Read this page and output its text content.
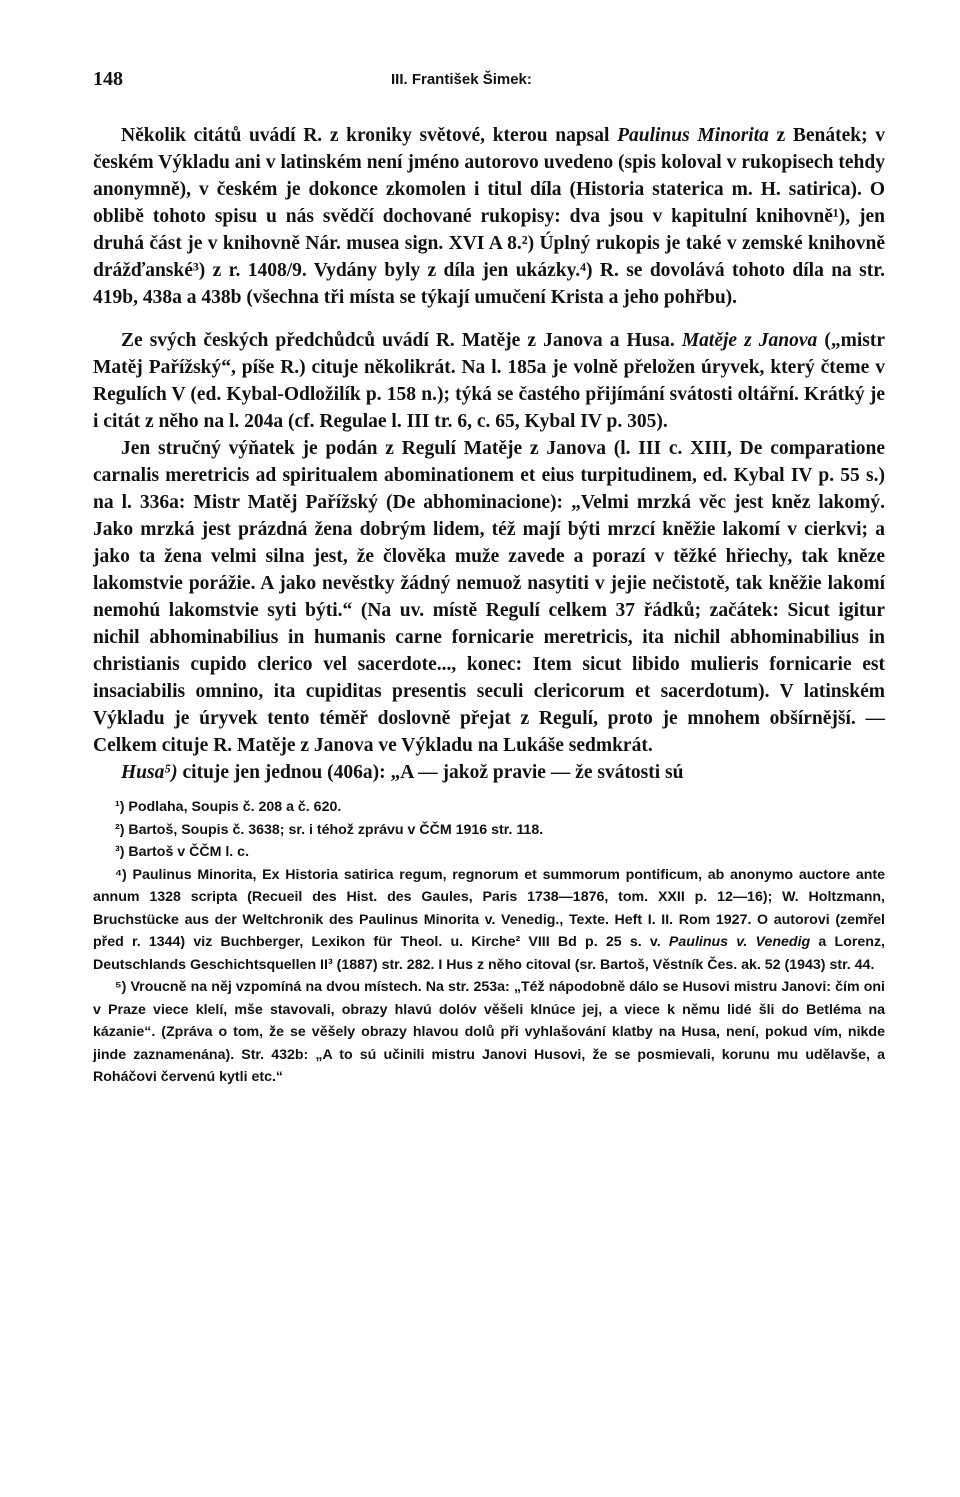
148	III. František Šimek:

Několik citátů uvádí R. z kroniky světové, kterou napsal Paulinus Minorita z Benátek; v českém Výkladu ani v latinském není jméno autorovo uvedeno (spis koloval v rukopisech tehdy anonymně), v českém je dokonce zkomolen i titul díla (Historia staterica m. H. satirica). O oblibě tohoto spisu u nás svědčí dochované rukopisy: dva jsou v kapitulní knihovně¹), jen druhá část je v knihovně Nár. musea sign. XVI A 8.²) Úplný rukopis je také v zemské knihovně drážďanské³) z r. 1408/9. Vydány byly z díla jen ukázky.⁴) R. se dovolává tohoto díla na str. 419b, 438a a 438b (všechna tři místa se týkají umučení Krista a jeho pohřbu).

Ze svých českých předchůdců uvádí R. Matěje z Janova a Husa. Matěje z Janova („mistr Matěj Pařížský“, píše R.) cituje několikrát. Na l. 185a je volně přeložen úryvek, který čteme v Regulích V (ed. Kybal-Odložilík p. 158 n.); týká se častého přijímání svátosti oltářní. Krátký je i citát z něho na l. 204a (cf. Regulae l. III tr. 6, c. 65, Kybal IV p. 305).

Jen stručný výňatek je podán z Regulí Matěje z Janova (l. III c. XIII, De comparatione carnalis meretricis ad spiritualem abominationem et eius turpitudinem, ed. Kybal IV p. 55 s.) na l. 336a: Mistr Matěj Pařížský (De abhominacione): „Velmi mrzká věc jest kněz lakomý. Jako mrzká jest prázdná žena dobrým lidem, též mají býti mrzcí kněžie lakomí v cierkvi; a jako ta žena velmi silna jest, že člověka muže zavede a porazí v těžké hřiechy, tak kněze lakomstvie porážie. A jako nevěstky žádný nemuož nasytiti v jejie nečistotě, tak kněžie lakomí nemohú lakomstvie syti býti.“ (Na uv. místě Regulí celkem 37 řádků; začátek: Sicut igitur nichil abhominabilius in humanis carne fornicarie meretricis, ita nichil abhominabilius in christianis cupido clerico vel sacerdote..., konec: Item sicut libido mulieris fornicarie est insaciabilis omnino, ita cupiditas presentis seculi clericorum et sacerdotum). V latinském Výkladu je úryvek tento téměř doslovně přejat z Regulí, proto je mnohem obšírnější. — Celkem cituje R. Matěje z Janova ve Výkladu na Lukáše sedmkrát.

Husa⁵) cituje jen jednou (406a): „A — jakož pravie — že svátosti sú

¹) Podlaha, Soupis č. 208 a č. 620.

²) Bartoš, Soupis č. 3638; sr. i téhož zprávu v ČČM 1916 str. 118.

³) Bartoš v ČČM l. c.

⁴) Paulinus Minorita, Ex Historia satirica regum, regnorum et summorum pontificum, ab anonymo auctore ante annum 1328 scripta (Recueil des Hist. des Gaules, Paris 1738—1876, tom. XXII p. 12—16); W. Holtzmann, Bruchstücke aus der Weltchronik des Paulinus Minorita v. Venedig., Texte. Heft I. II. Rom 1927. O autorovi (zemřel před r. 1344) viz Buchberger, Lexikon für Theol. u. Kirche² VIII Bd p. 25 s. v. Paulinus v. Venedig a Lorenz, Deutschlands Geschichtsquellen II³ (1887) str. 282. I Hus z něho citoval (sr. Bartoš, Věstník Čes. ak. 52 (1943) str. 44.

⁵) Vroucně na něj vzpomíná na dvou místech. Na str. 253a: „Též nápodobně dálo se Husovi mistru Janovi: čím oni v Praze viece klelí, mše stavovali, obrazy hlavú dolóv věšeli klnúce jej, a viece k němu lidé šli do Betléma na kázanie“. (Zpráva o tom, že se věšely obrazy hlavou dolů při vyhlašování klatby na Husa, není, pokud vím, nikde jinde zaznamenána). Str. 432b: „A to sú učinili mistru Janovi Husovi, že se posmievali, korunu mu udělavše, a Roháčovi červenú kytli etc.“
